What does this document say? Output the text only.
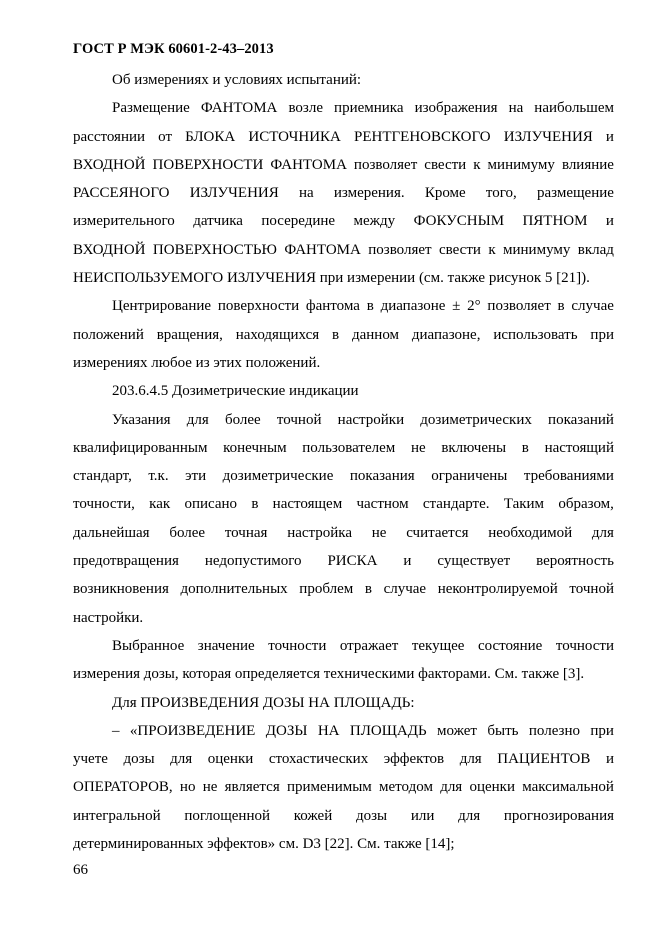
ГОСТ Р МЭК 60601-2-43–2013
Об измерениях и условиях испытаний:
Размещение ФАНТОМА возле приемника изображения на наибольшем
расстоянии от БЛОКА ИСТОЧНИКА РЕНТГЕНОВСКОГО ИЗЛУЧЕНИЯ и
ВХОДНОЙ ПОВЕРХНОСТИ ФАНТОМА позволяет свести к минимуму влияние
РАССЕЯНОГО ИЗЛУЧЕНИЯ на измерения. Кроме того, размещение
измерительного датчика посередине между ФОКУСНЫМ ПЯТНОМ и
ВХОДНОЙ ПОВЕРХНОСТЬЮ ФАНТОМА позволяет свести к минимуму вклад
НЕИСПОЛЬЗУЕМОГО ИЗЛУЧЕНИЯ при измерении (см. также рисунок 5 [21]).
Центрирование поверхности фантома в диапазоне ± 2° позволяет в случае
положений вращения, находящихся в данном диапазоне, использовать при
измерениях любое из этих положений.
203.6.4.5 Дозиметрические индикации
Указания для более точной настройки дозиметрических показаний
квалифицированным конечным пользователем не включены в настоящий
стандарт, т.к. эти дозиметрические показания ограничены требованиями
точности, как описано в настоящем частном стандарте. Таким образом,
дальнейшая более точная настройка не считается необходимой для
предотвращения недопустимого РИСКА и существует вероятность
возникновения дополнительных проблем в случае неконтролируемой точной
настройки.
Выбранное значение точности отражает текущее состояние точности
измерения дозы, которая определяется техническими факторами. См. также [3].
Для ПРОИЗВЕДЕНИЯ ДОЗЫ НА ПЛОЩАДЬ:
– «ПРОИЗВЕДЕНИЕ ДОЗЫ НА ПЛОЩАДЬ может быть полезно при
учете дозы для оценки стохастических эффектов для ПАЦИЕНТОВ и
ОПЕРАТОРОВ, но не является применимым методом для оценки максимальной
интегральной поглощенной кожей дозы или для прогнозирования
детерминированных эффектов» см. D3 [22]. См. также [14];
66
